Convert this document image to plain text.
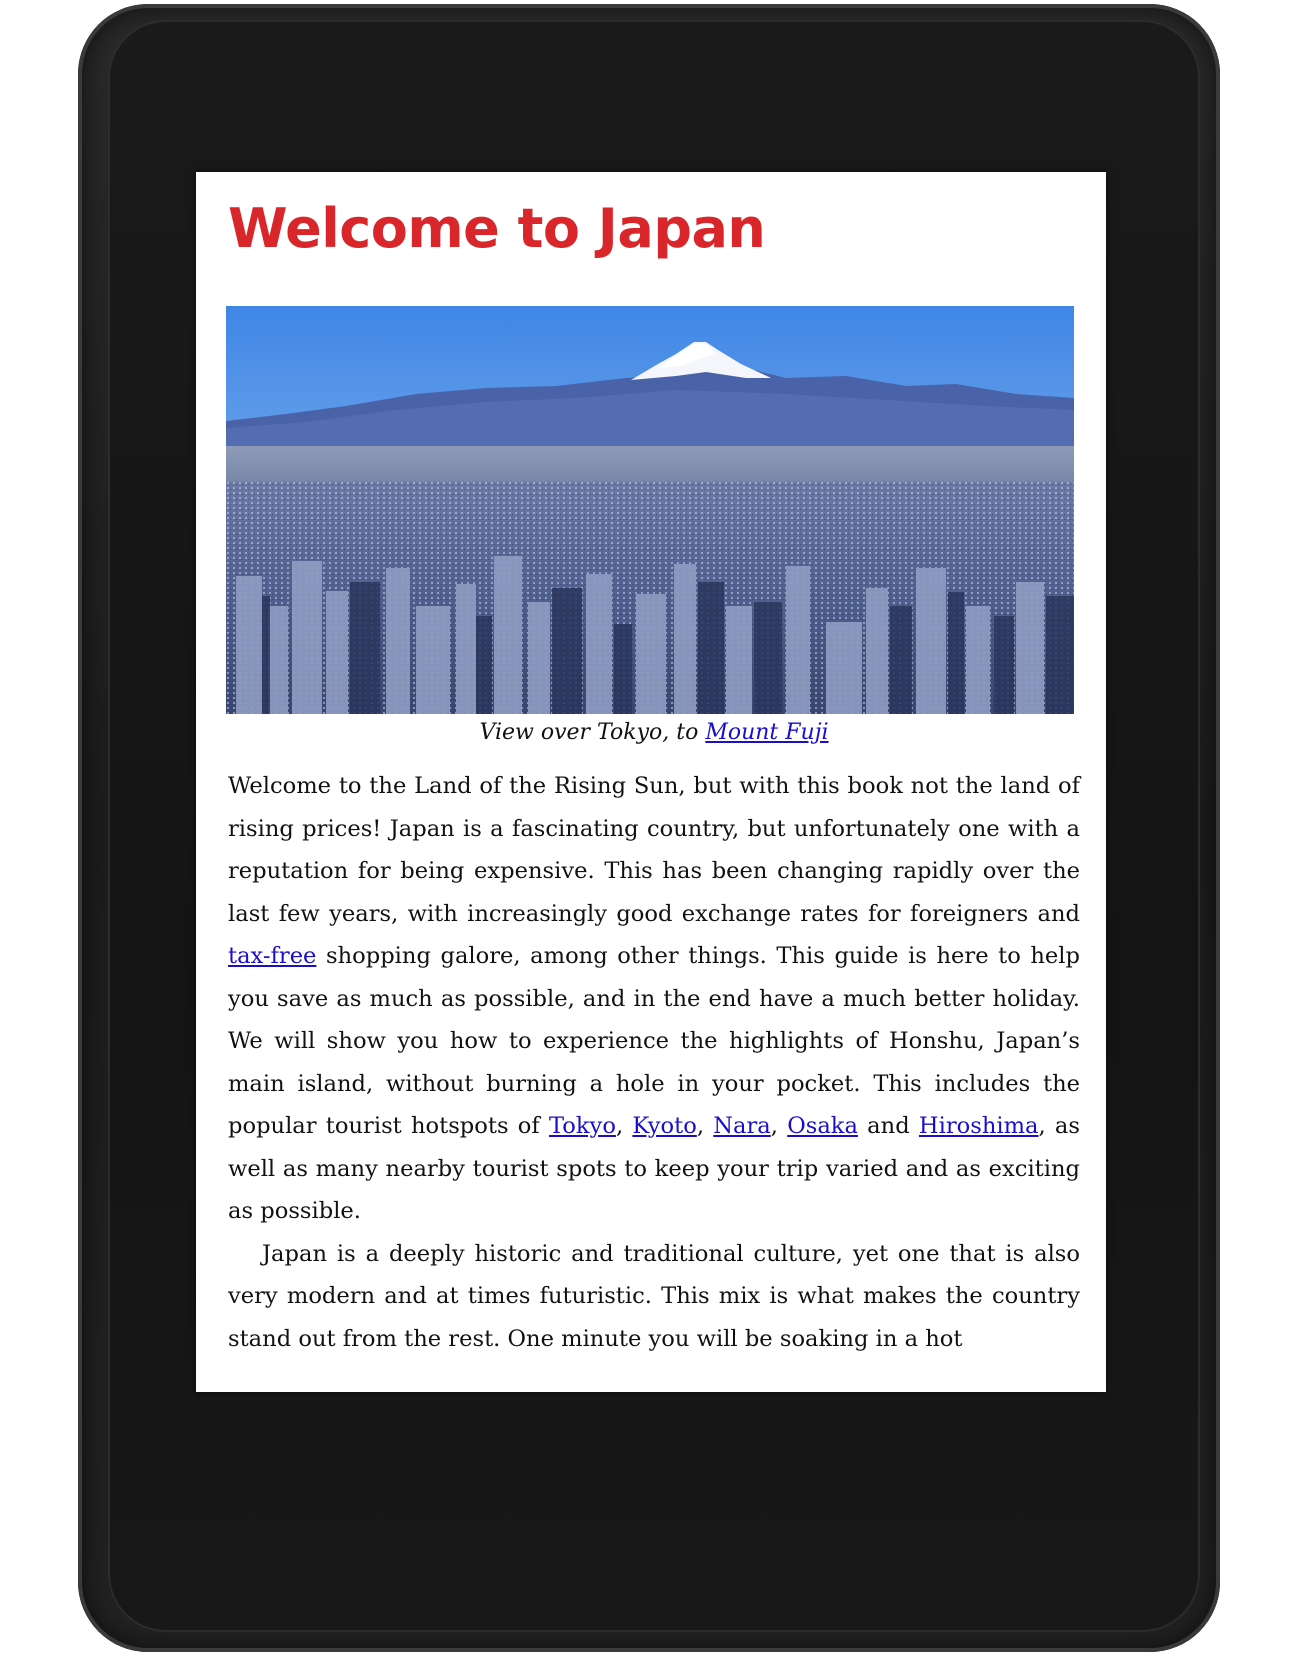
Welcome to Japan
View over Tokyo, to Mount Fuji

Welcome to the Land of the Rising Sun, but with this book not the land of rising prices! Japan is a fascinating country, but unfortunately one with a reputation for being expensive. This has been changing rapidly over the last few years, with increasingly good exchange rates for foreigners and tax-free shopping galore, among other things. This guide is here to help you save as much as possible, and in the end have a much better holiday. We will show you how to experience the highlights of Honshu, Japan’s main island, without burning a hole in your pocket. This includes the popular tourist hotspots of Tokyo, Kyoto, Nara, Osaka and Hiroshima, as well as many nearby tourist spots to keep your trip varied and as exciting as possible.

Japan is a deeply historic and traditional culture, yet one that is also very modern and at times futuristic. This mix is what makes the country stand out from the rest. One minute you will be soaking in a hot
